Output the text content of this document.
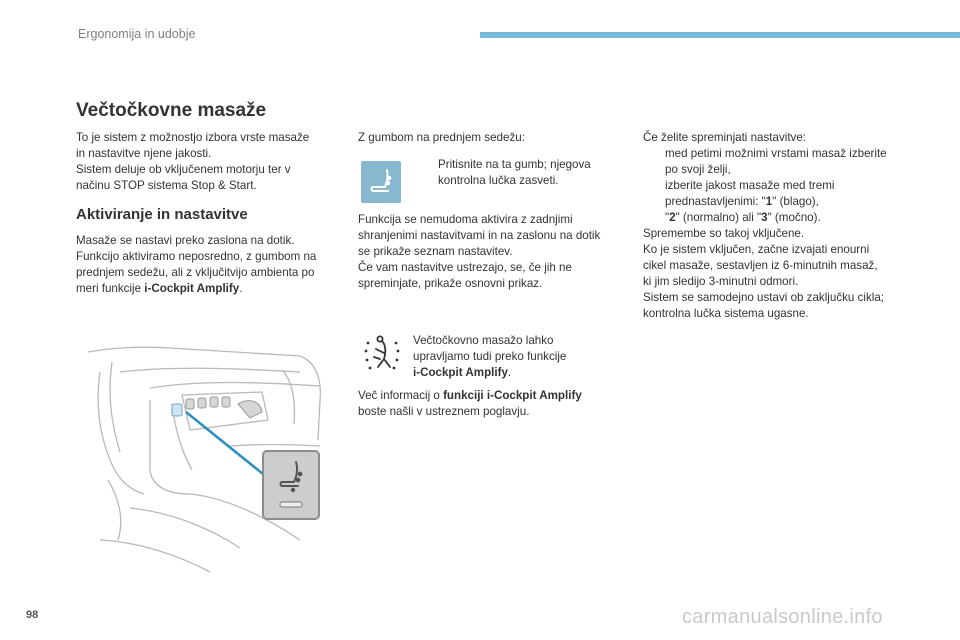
Ergonomija in udobje
Večtočkovne masaže

To je sistem z možnostjo izbora vrste masaže
in nastavitve njene jakosti.
Sistem deluje ob vključenem motorju ter v
načinu STOP sistema Stop & Start.

Aktiviranje in nastavitve

Masaže se nastavi preko zaslona na dotik.
Funkcijo aktiviramo neposredno, z gumbom na
prednjem sedežu, ali z vključitvijo ambienta po
meri funkcije i-Cockpit Amplify.

Z gumbom na prednjem sedežu:

Pritisnite na ta gumb; njegova
kontrolna lučka zasveti.

Funkcija se nemudoma aktivira z zadnjimi
shranjenimi nastavitvami in na zaslonu na dotik
se prikaže seznam nastavitev.
Če vam nastavitve ustrezajo, se, če jih ne
spreminjate, prikaže osnovni prikaz.

Večtočkovno masažo lahko
upravljamo tudi preko funkcije
i-Cockpit Amplify.

Več informacij o funkciji i-Cockpit Amplify
boste našli v ustreznem poglavju.

Če želite spreminjati nastavitve:

med petimi možnimi vrstami masaž izberite
po svoji želji,
izberite jakost masaže med tremi
prednastavljenimi: "1" (blago),
"2" (normalno) ali "3" (močno).

Spremembe so takoj vključene.
Ko je sistem vključen, začne izvajati enourni
cikel masaže, sestavljen iz 6-minutnih masaž,
ki jim sledijo 3-minutni odmori.
Sistem se samodejno ustavi ob zaključku cikla;
kontrolna lučka sistema ugasne.

98	carmanualsonline.info
